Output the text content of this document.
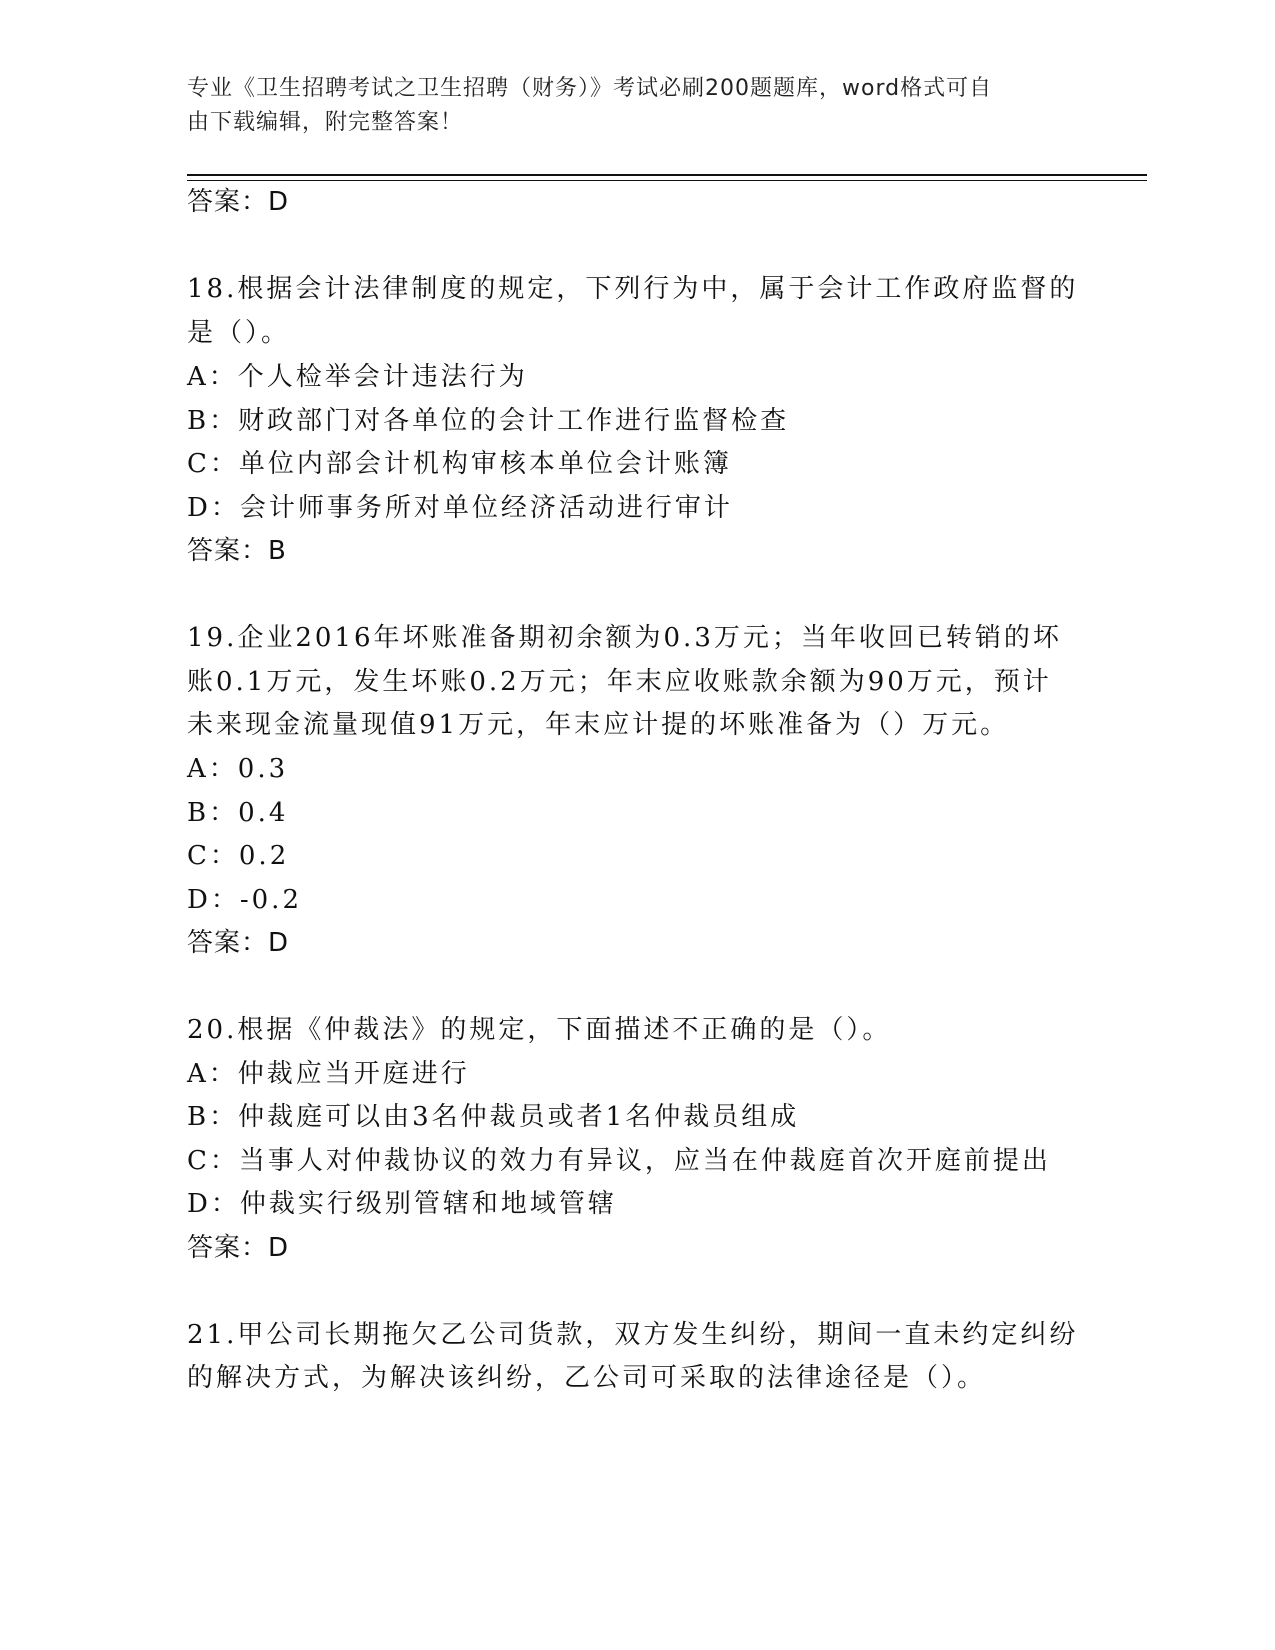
专业《卫生招聘考试之卫生招聘（财务）》考试必刷200题题库，word格式可自
由下载编辑，附完整答案！
答案：D
18.根据会计法律制度的规定，下列行为中，属于会计工作政府监督的
是（）。
A：个人检举会计违法行为
B：财政部门对各单位的会计工作进行监督检查
C：单位内部会计机构审核本单位会计账簿
D：会计师事务所对单位经济活动进行审计
答案：B
19.企业2016年坏账准备期初余额为0.3万元；当年收回已转销的坏
账0.1万元，发生坏账0.2万元；年末应收账款余额为90万元，预计
未来现金流量现值91万元，年末应计提的坏账准备为（）万元。
A：0.3
B：0.4
C：0.2
D：-0.2
答案：D
20.根据《仲裁法》的规定，下面描述不正确的是（）。
A：仲裁应当开庭进行
B：仲裁庭可以由3名仲裁员或者1名仲裁员组成
C：当事人对仲裁协议的效力有异议，应当在仲裁庭首次开庭前提出
D：仲裁实行级别管辖和地域管辖
答案：D
21.甲公司长期拖欠乙公司货款，双方发生纠纷，期间一直未约定纠纷
的解决方式，为解决该纠纷，乙公司可采取的法律途径是（）。
